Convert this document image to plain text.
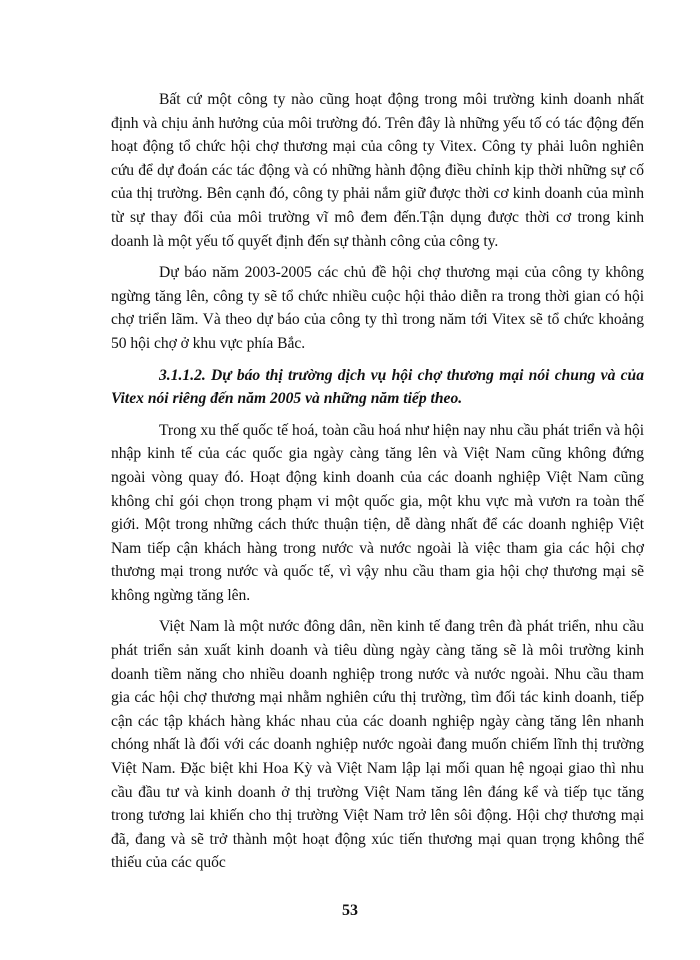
Bất cứ một công ty nào cũng hoạt động trong môi trường kinh doanh nhất định và chịu ảnh hưởng của môi trường đó. Trên đây là những yếu tố có tác động đến hoạt động tổ chức hội chợ thương mại của công ty Vitex. Công ty phải luôn nghiên cứu để dự đoán các tác động và có những hành động điều chỉnh kịp thời những sự cố của thị trường. Bên cạnh đó, công ty phải nắm giữ được thời cơ kinh doanh của mình từ sự thay đổi của môi trường vĩ mô đem đến.Tận dụng được thời cơ trong kinh doanh là một yếu tố quyết định đến sự thành công của công ty.

Dự báo năm 2003-2005 các chủ đề hội chợ thương mại của công ty không ngừng tăng lên, công ty sẽ tổ chức nhiều cuộc hội thảo diễn ra trong thời gian có hội chợ triển lãm. Và theo dự báo của công ty thì trong năm tới Vitex sẽ tổ chức khoảng 50 hội chợ ở khu vực phía Bắc.

3.1.1.2. Dự báo thị trường dịch vụ hội chợ thương mại nói chung và của Vitex nói riêng đến năm 2005 và những năm tiếp theo.

Trong xu thế quốc tế hoá, toàn cầu hoá như hiện nay nhu cầu phát triển và hội nhập kinh tế của các quốc gia ngày càng tăng lên và Việt Nam cũng không đứng ngoài vòng quay đó. Hoạt động kinh doanh của các doanh nghiệp Việt Nam cũng không chỉ gói chọn trong phạm vi một quốc gia, một khu vực mà vươn ra toàn thế giới. Một trong những cách thức thuận tiện, dễ dàng nhất để các doanh nghiệp Việt Nam tiếp cận khách hàng trong nước và nước ngoài là việc tham gia các hội chợ thương mại trong nước và quốc tế, vì vậy nhu cầu tham gia hội chợ thương mại sẽ không ngừng tăng lên.

Việt Nam là một nước đông dân, nền kinh tế đang trên đà phát triển, nhu cầu phát triển sản xuất kinh doanh và tiêu dùng ngày càng tăng sẽ là môi trường kinh doanh tiềm năng cho nhiều doanh nghiệp trong nước và nước ngoài. Nhu cầu tham gia các hội chợ thương mại nhằm nghiên cứu thị trường, tìm đối tác kinh doanh, tiếp cận các tập khách hàng khác nhau của các doanh nghiệp ngày càng tăng lên nhanh chóng nhất là đối với các doanh nghiệp nước ngoài đang muốn chiếm lĩnh thị trường Việt Nam. Đặc biệt khi Hoa Kỳ và Việt Nam lập lại mối quan hệ ngoại giao thì nhu cầu đầu tư và kinh doanh ở thị trường Việt Nam tăng lên đáng kể và tiếp tục tăng trong tương lai khiến cho thị trường Việt Nam trở lên sôi động. Hội chợ thương mại đã, đang và sẽ trở thành một hoạt động xúc tiến thương mại quan trọng không thể thiếu của các quốc

53
